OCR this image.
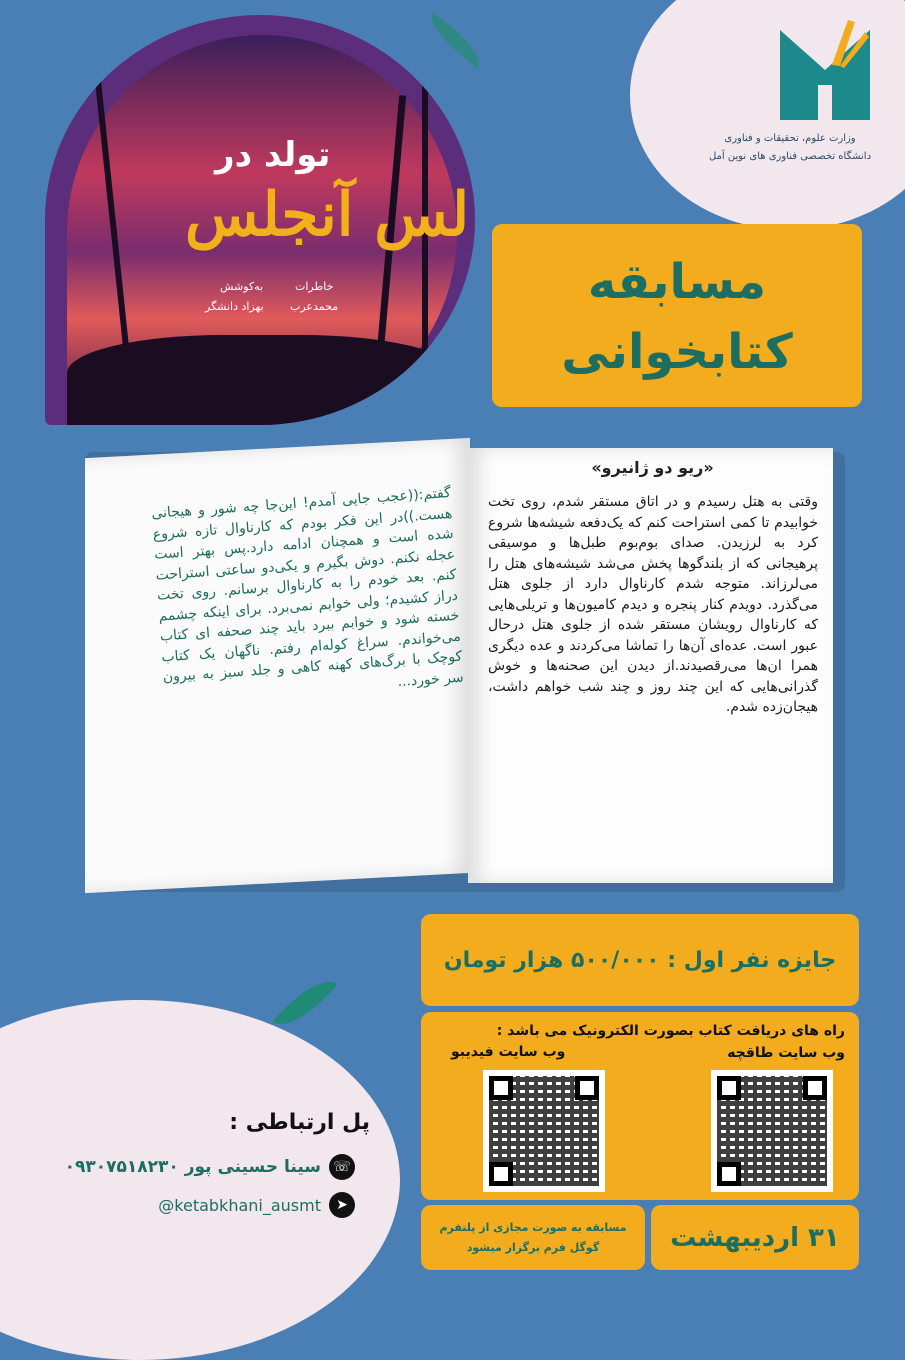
وزارت علوم، تحقیقات و فناوری
دانشگاه تخصصی فناوری های نوین آمل
تولد در
لس آنجلس
خاطرات
محمدعرب
به‌کوشش
بهزاد دانشگر	مسابقه
کتابخوانی
«ریو دو ژانیرو»
وقتی به هتل رسیدم و در اتاق مستقر شدم، روی تخت خوابیدم تا کمی استراحت کنم که یک‌دفعه شیشه‌ها شروع کرد به لرزیدن. صدای بوم‌بوم طبل‌ها و موسیقی پرهیجانی که از بلندگوها پخش می‌شد شیشه‌های هتل را می‌لرزاند. متوجه شدم کارناوال دارد از جلوی هتل می‌گذرد. دویدم کنار پنجره و دیدم کامیون‌ها و تریلی‌هایی که کارناوال رویشان مستقر شده از جلوی هتل درحال عبور است. عده‌ای آن‌ها را تماشا می‌کردند و عده دیگری همرا ان‌ها می‌رقصیدند.از دیدن این صحنه‌ها و خوش گذرانی‌هایی که این چند روز و چند شب خواهم داشت، هیجان‌زده شدم.
گفتم:((عجب جایی آمدم! این‌جا چه شور و هیجانی هست.))در این فکر بودم که کارناوال تازه شروع شده است و همچنان ادامه دارد.پس بهتر است عجله نکنم. دوش بگیرم و یکی‌دو ساعتی استراحت کنم. بعد خودم را به کارناوال برسانم. روی تخت دراز کشیدم؛ ولی خوابم نمی‌برد. برای اینکه چشمم خسته شود و خوابم ببرد باید چند صحفه ای کتاب می‌خواندم. سراغ کوله‌ام رفتم. ناگهان یک کتاب کوچک با برگ‌های کهنه کاهی و جلد سبز به بیرون سر خورد...
جایزه نفر اول : ۵۰۰/۰۰۰ هزار تومان
راه های دریافت کتاب بصورت الکترونیک می باشد :
وب سایت طاقچه
وب سایت فیدیبو
۳۱ اردیبهشت
مسابقه به صورت مجازی از پلتفرم
گوگل فرم برگزار میشود
پل ارتباطی :
☏
سینا حسینی پور ۰۹۳۰۷۵۱۸۲۳۰
➤
@ketabkhani_ausmt
